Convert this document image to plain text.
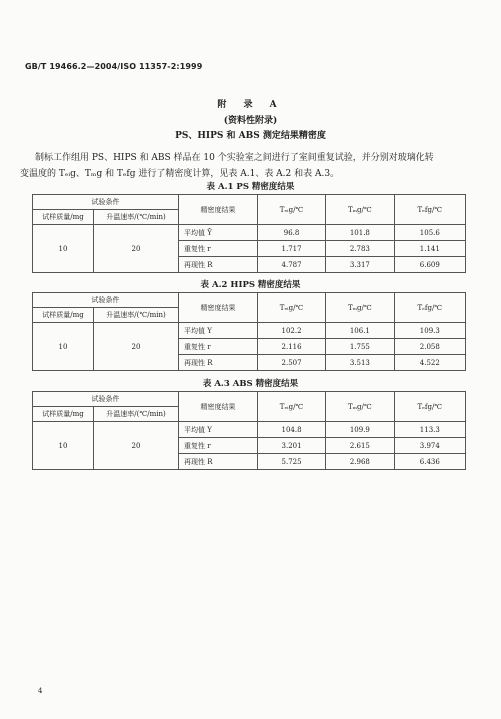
GB/T 19466.2—2004/ISO 11357-2:1999
附 录 A
(资料性附录)
PS、HIPS 和 ABS 测定结果精密度
制标工作组用 PS、HIPS 和 ABS 样品在 10 个实验室之间进行了室间重复试验，并分别对玻璃化转
变温度的 Tₑᵢg、Tₘg 和 Tₑfg 进行了精密度计算，见表 A.1、表 A.2 和表 A.3。
表 A.1 PS 精密度结果
试验条件		精密度结果	Tₑᵢg/℃	Tₘg/℃	Tₑfg/℃
试样质量/mg	升温速率/(℃/min)				
10	20	平均值 Ȳ	96.8	101.8	105.6
		重复性 r	1.717	2.783	1.141
		再现性 R	4.787	3.317	6.609
表 A.2 HIPS 精密度结果
试验条件		精密度结果	Tₑᵢg/℃	Tₘg/℃	Tₑfg/℃
试样质量/mg	升温速率/(℃/min)				
10	20	平均值 Y	102.2	106.1	109.3
		重复性 r	2.116	1.755	2.058
		再现性 R	2.507	3.513	4.522
表 A.3 ABS 精密度结果
试验条件		精密度结果	Tₑᵢg/℃	Tₘg/℃	Tₑfg/℃
试样质量/mg	升温速率/(℃/min)				
10	20	平均值 Y	104.8	109.9	113.3
		重复性 r	3.201	2.615	3.974
		再现性 R	5.725	2.968	6.436
4
